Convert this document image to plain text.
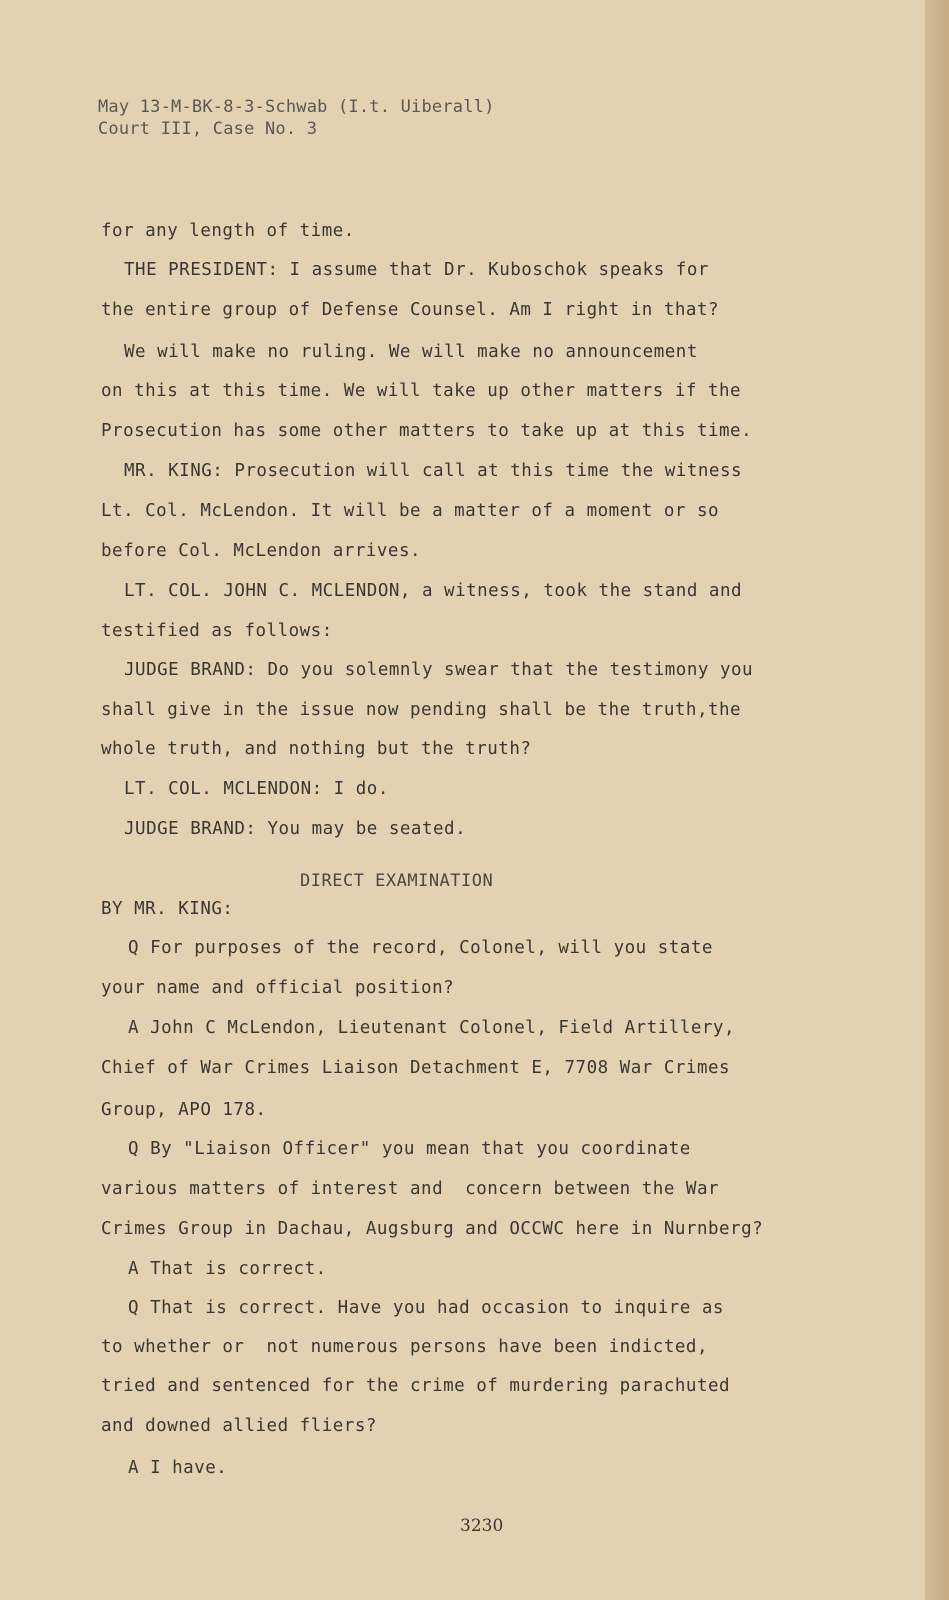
May 13-M-BK-8-3-Schwab (I.t. Uiberall)
Court III, Case No. 3
for any length of time.
THE PRESIDENT: I assume that Dr. Kuboschok speaks for
the entire group of Defense Counsel. Am I right in that?
We will make no ruling. We will make no announcement
on this at this time. We will take up other matters if the
Prosecution has some other matters to take up at this time.
MR. KING: Prosecution will call at this time the witness
Lt. Col. McLendon. It will be a matter of a moment or so
before Col. McLendon arrives.
LT. COL. JOHN C. MCLENDON, a witness, took the stand and
testified as follows:
JUDGE BRAND: Do you solemnly swear that the testimony you
shall give in the issue now pending shall be the truth,the
whole truth, and nothing but the truth?
LT. COL. MCLENDON: I do.
JUDGE BRAND: You may be seated.
DIRECT EXAMINATION
BY MR. KING:
Q For purposes of the record, Colonel, will you state
your name and official position?
A John C McLendon, Lieutenant Colonel, Field Artillery,
Chief of War Crimes Liaison Detachment E, 7708 War Crimes
Group, APO 178.
Q By "Liaison Officer" you mean that you coordinate
various matters of interest and  concern between the War
Crimes Group in Dachau, Augsburg and OCCWC here in Nurnberg?
A That is correct.
Q That is correct. Have you had occasion to inquire as
to whether or  not numerous persons have been indicted,
tried and sentenced for the crime of murdering parachuted
and downed allied fliers?
A I have.
3230
